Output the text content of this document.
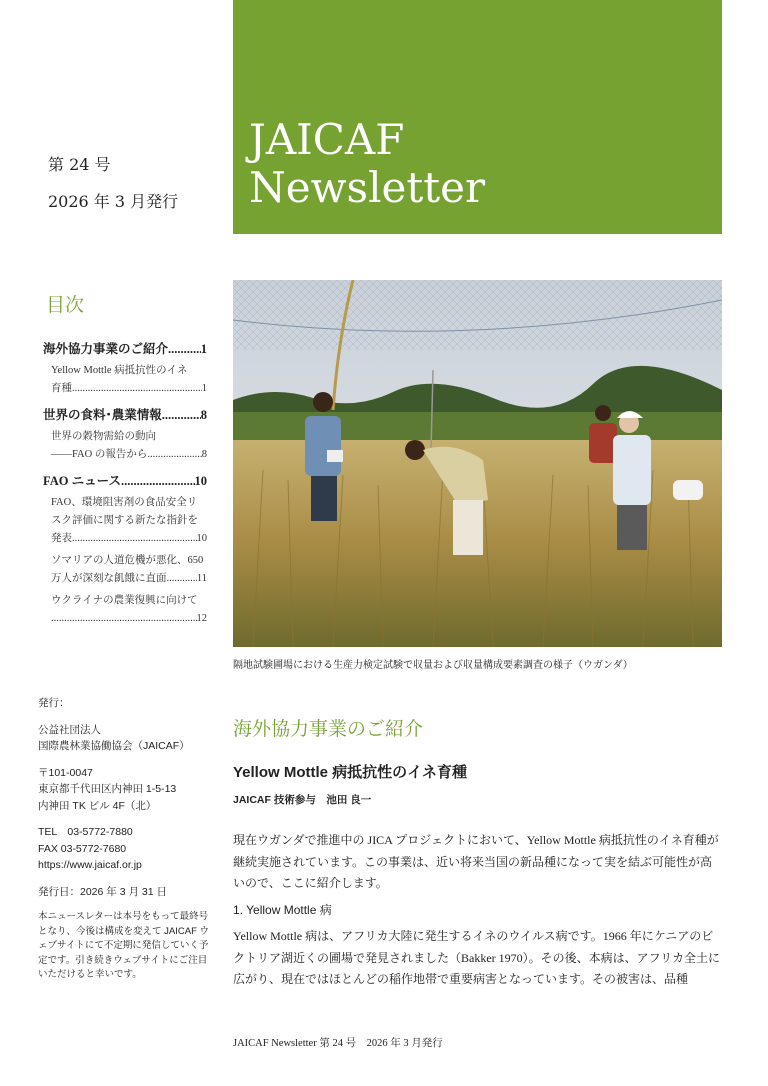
第 24 号
2026 年 3 月発行
JAICAF
Newsletter
目次
海外協力事業のご紹介 .....	1
Yellow Mottle 病抵抗性のイネ
育種 .....	1
世界の食料･農業情報 .....	8
世界の穀物需給の動向
――FAO の報告から .....	8
FAO ニュース .....	10
FAO、環境阻害剤の食品安全リスク評価に関する新たな指針を
発表 .....	10
ソマリアの人道危機が悪化、650
万人が深刻な飢餓に直面 .....	11
ウクライナの農業復興に向けて
.....
12
発行：
公益社団法人
国際農林業協働協会（JAICAF）
〒101-0047
東京都千代田区内神田 1-5-13
内神田 TK ビル 4F（北）
TEL　03-5772-7880
FAX 03-5772-7680
https://www.jaicaf.or.jp
発行日：2026 年 3 月 31 日
本ニュースレターは本号をもって最終号となり、今後は構成を変えて JAICAF ウェブサイトにて不定期に発信していく予定です。引き続きウェブサイトにご注目いただけると幸いです。
隔地試験圃場における生産力検定試験で収量および収量構成要素調査の様子（ウガンダ）
海外協力事業のご紹介
Yellow Mottle 病抵抗性のイネ育種
JAICAF 技術参与　池田 良一
現在ウガンダで推進中の JICA プロジェクトにおいて、Yellow Mottle 病抵抗性のイネ育種が継続実施されています。この事業は、近い将来当国の新品種になって実を結ぶ可能性が高いので、ここに紹介します。
1. Yellow Mottle 病
Yellow Mottle 病は、アフリカ大陸に発生するイネのウイルス病です。1966 年にケニアのビクトリア湖近くの圃場で発見されました（Bakker 1970）。その後、本病は、アフリカ全土に広がり、現在ではほとんどの稲作地帯で重要病害となっています。その被害は、品種
JAICAF Newsletter 第 24 号　2026 年 3 月発行
